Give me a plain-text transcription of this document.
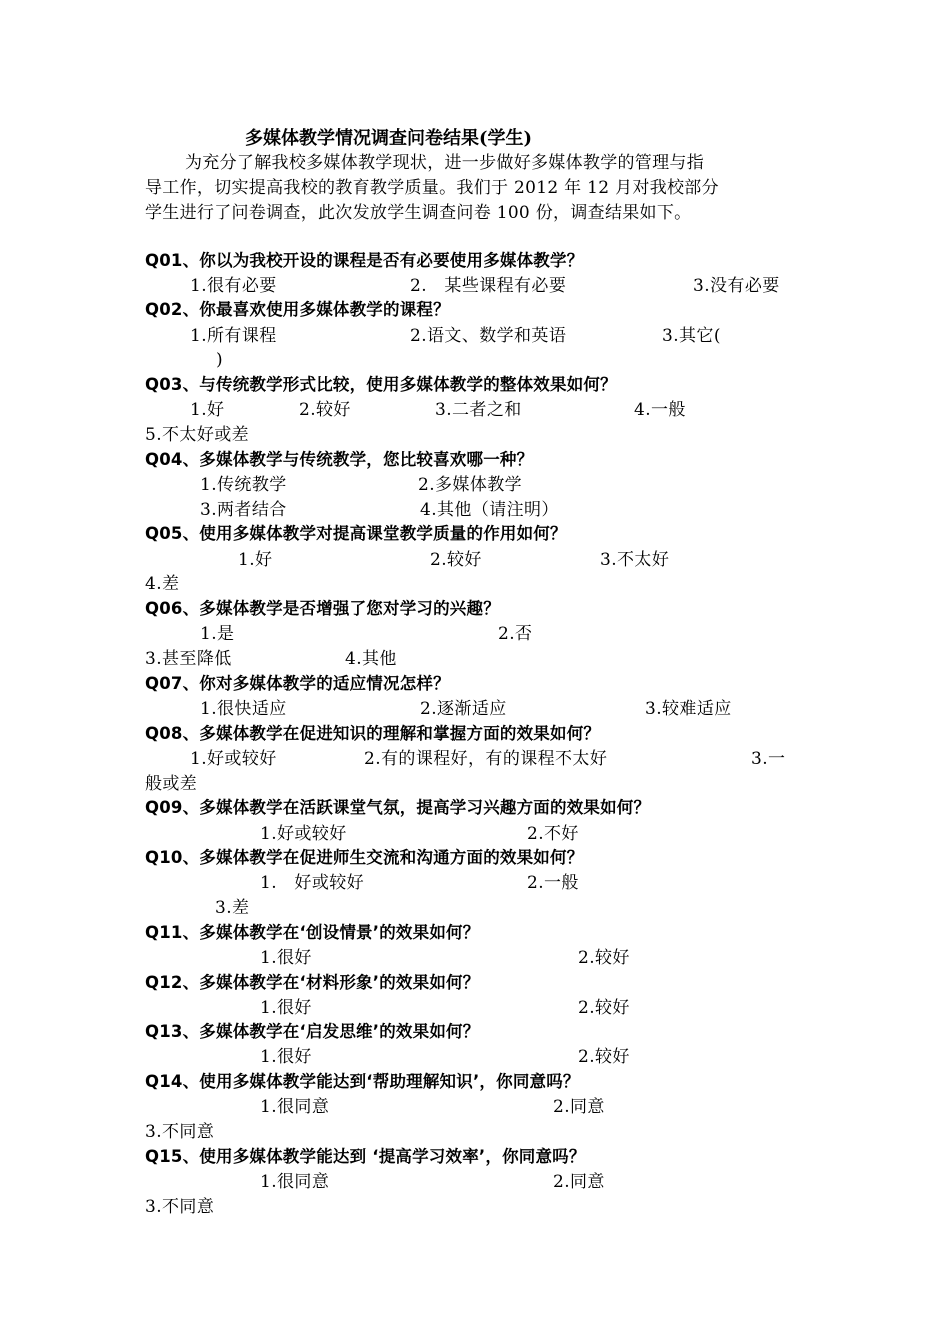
多媒体教学情况调查问卷结果(学生)
为充分了解我校多媒体教学现状，进一步做好多媒体教学的管理与指
导工作，切实提高我校的教育教学质量。我们于 2012 年 12 月对我校部分
学生进行了问卷调查，此次发放学生调查问卷 100 份，调查结果如下。
Q01、你以为我校开设的课程是否有必要使用多媒体教学？
1.很有必要	2.　某些课程有必要	3.没有必要
Q02、你最喜欢使用多媒体教学的课程？
1.所有课程	2.语文、数学和英语	3.其它(
)
Q03、与传统教学形式比较，使用多媒体教学的整体效果如何？
1.好	2.较好	3.二者之和	4.一般
5.不太好或差
Q04、多媒体教学与传统教学，您比较喜欢哪一种？
1.传统教学	2.多媒体教学
3.两者结合	4.其他（请注明）
Q05、使用多媒体教学对提高课堂教学质量的作用如何？
1.好	2.较好	3.不太好
4.差
Q06、多媒体教学是否增强了您对学习的兴趣？
1.是	2.否
3.甚至降低	4.其他
Q07、你对多媒体教学的适应情况怎样？
1.很快适应	2.逐渐适应	3.较难适应
Q08、多媒体教学在促进知识的理解和掌握方面的效果如何？
1.好或较好	2.有的课程好，有的课程不太好	3.一
般或差
Q09、多媒体教学在活跃课堂气氛，提高学习兴趣方面的效果如何？
1.好或较好	2.不好
Q10、多媒体教学在促进师生交流和沟通方面的效果如何？
1.　好或较好	2.一般
3.差
Q11、多媒体教学在‘创设情景’的效果如何？
1.很好	2.较好
Q12、多媒体教学在‘材料形象’的效果如何？
1.很好	2.较好
Q13、多媒体教学在‘启发思维’的效果如何？
1.很好	2.较好
Q14、使用多媒体教学能达到‘帮助理解知识’，你同意吗？
1.很同意	2.同意
3.不同意
Q15、使用多媒体教学能达到 ‘提高学习效率’，你同意吗？
1.很同意	2.同意
3.不同意
